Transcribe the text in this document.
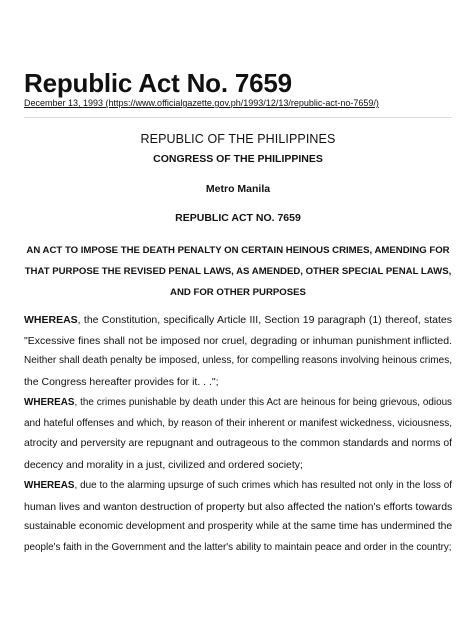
Republic Act No. 7659
December 13, 1993 (https://www.officialgazette.gov.ph/1993/12/13/republic-act-no-7659/)
REPUBLIC OF THE PHILIPPINES
CONGRESS OF THE PHILIPPINES
Metro Manila
REPUBLIC ACT NO. 7659
AN ACT TO IMPOSE THE DEATH PENALTY ON CERTAIN HEINOUS CRIMES, AMENDING FOR
THAT PURPOSE THE REVISED PENAL LAWS, AS AMENDED, OTHER SPECIAL PENAL LAWS,
AND FOR OTHER PURPOSES
WHEREAS, the Constitution, specifically Article III, Section 19 paragraph (1) thereof, states
"Excessive fines shall not be imposed nor cruel, degrading or inhuman punishment inflicted.
Neither shall death penalty be imposed, unless, for compelling reasons involving heinous crimes,
the Congress hereafter provides for it. . .";
WHEREAS, the crimes punishable by death under this Act are heinous for being grievous, odious
and hateful offenses and which, by reason of their inherent or manifest wickedness, viciousness,
atrocity and perversity are repugnant and outrageous to the common standards and norms of
decency and morality in a just, civilized and ordered society;
WHEREAS, due to the alarming upsurge of such crimes which has resulted not only in the loss of
human lives and wanton destruction of property but also affected the nation's efforts towards
sustainable economic development and prosperity while at the same time has undermined the
people's faith in the Government and the latter's ability to maintain peace and order in the country;
